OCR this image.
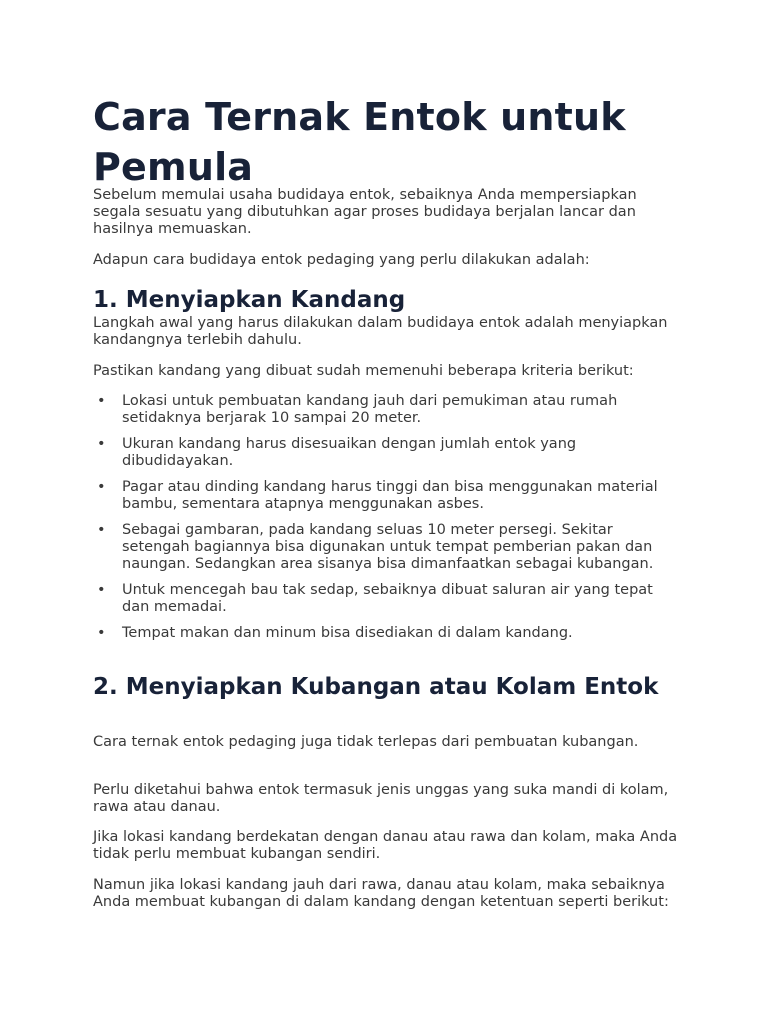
Cara Ternak Entok untuk Pemula

Sebelum memulai usaha budidaya entok, sebaiknya Anda mempersiapkan segala sesuatu yang dibutuhkan agar proses budidaya berjalan lancar dan hasilnya memuaskan.

Adapun cara budidaya entok pedaging yang perlu dilakukan adalah:

1. Menyiapkan Kandang

Langkah awal yang harus dilakukan dalam budidaya entok adalah menyiapkan kandangnya terlebih dahulu.

Pastikan kandang yang dibuat sudah memenuhi beberapa kriteria berikut:

• Lokasi untuk pembuatan kandang jauh dari pemukiman atau rumah setidaknya berjarak 10 sampai 20 meter.
• Ukuran kandang harus disesuaikan dengan jumlah entok yang dibudidayakan.
• Pagar atau dinding kandang harus tinggi dan bisa menggunakan material bambu, sementara atapnya menggunakan asbes.
• Sebagai gambaran, pada kandang seluas 10 meter persegi. Sekitar setengah bagiannya bisa digunakan untuk tempat pemberian pakan dan naungan. Sedangkan area sisanya bisa dimanfaatkan sebagai kubangan.
• Untuk mencegah bau tak sedap, sebaiknya dibuat saluran air yang tepat dan memadai.
• Tempat makan dan minum bisa disediakan di dalam kandang.
2. Menyiapkan Kubangan atau Kolam Entok

Cara ternak entok pedaging juga tidak terlepas dari pembuatan kubangan.

Perlu diketahui bahwa entok termasuk jenis unggas yang suka mandi di kolam, rawa atau danau.

Jika lokasi kandang berdekatan dengan danau atau rawa dan kolam, maka Anda tidak perlu membuat kubangan sendiri.

Namun jika lokasi kandang jauh dari rawa, danau atau kolam, maka sebaiknya Anda membuat kubangan di dalam kandang dengan ketentuan seperti berikut:
